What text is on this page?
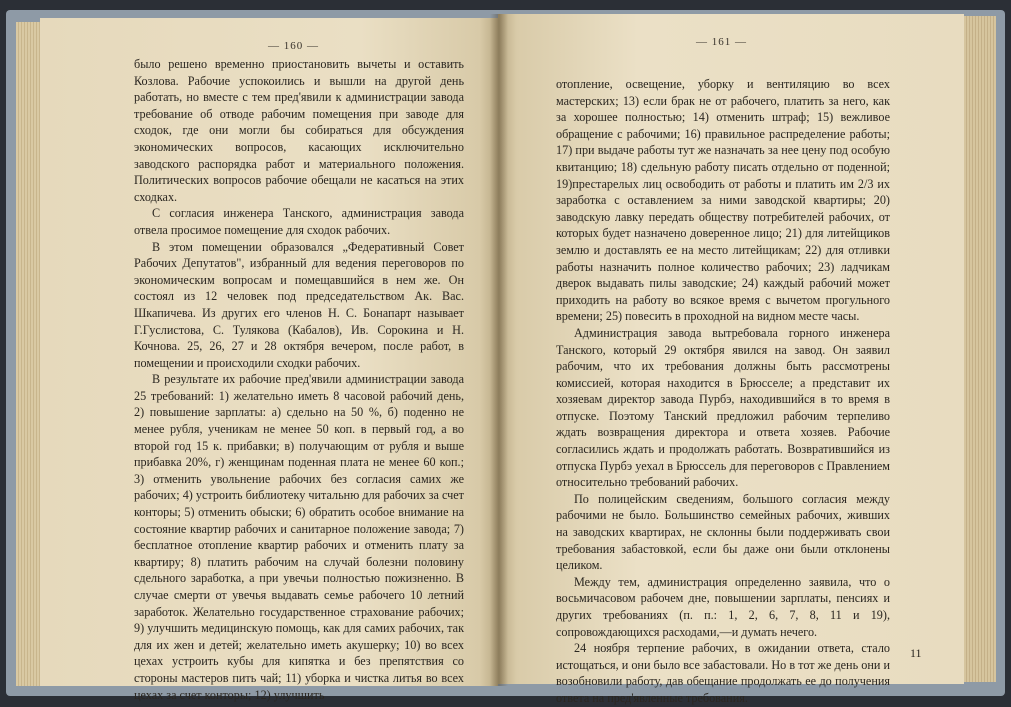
— 160 —

было решено временно приостановить вычеты и оставить Козлова. Рабочие успокоились и вышли на другой день работать, но вместе с тем пред'явили к администрации завода требование об отводе рабочим помещения при заводе для сходок, где они могли бы собираться для обсуждения экономических вопросов, касающих исключительно заводского распорядка работ и материального положения. Политических вопросов рабочие обещали не касаться на этих сходках.

С согласия инженера Танского, администрация завода отвела просимое помещение для сходок рабочих.

В этом помещении образовался „Федеративный Совет Рабочих Депутатов", избранный для ведения переговоров по экономическим вопросам и помещавшийся в нем же. Он состоял из 12 человек под председательством Ак. Вас. Шкапичева. Из других его членов Н. С. Бонапарт называет Г.Гуслистова, С. Тулякова (Кабалов), Ив. Сорокина и Н. Кочнова. 25, 26, 27 и 28 октября вечером, после работ, в помещении и происходили сходки рабочих.

В результате их рабочие пред'явили администрации завода 25 требований: 1) желательно иметь 8 часовой рабочий день, 2) повышение зарплаты: а) сдельно на 50 %, б) поденно не менее рубля, ученикам не менее 50 коп. в первый год, а во второй год 15 к. прибавки; в) получающим от рубля и выше прибавка 20%, г) женщинам поденная плата не менее 60 коп.; 3) отменить увольнение рабочих без согласия самих же рабочих; 4) устроить библиотеку читальню для рабочих за счет конторы; 5) отменить обыски; 6) обратить особое внимание на состояние квартир рабочих и санитарное положение завода; 7) бесплатное отопление квартир рабочих и отменить плату за квартиру; 8) платить рабочим на случай болезни половину сдельного заработка, а при увечьи полностью пожизненно. В случае смерти от увечья выдавать семье рабочего 10 летний заработок. Желательно государственное страхование рабочих; 9) улучшить медицинскую помощь, как для самих рабочих, так для их жен и детей; желательно иметь акушерку; 10) во всех цехах устроить кубы для кипятка и без препятствия со стороны мастеров пить чай; 11) уборка и чистка литья во всех цехах за счет конторы; 12) улучшить

— 161 —

отопление, освещение, уборку и вентиляцию во всех мастерских; 13) если брак не от рабочего, платить за него, как за хорошее полностью; 14) отменить штраф; 15) вежливое обращение с рабочими; 16) правильное распределение работы; 17) при выдаче работы тут же назначать за нее цену под особую квитанцию; 18) сдельную работу писать отдельно от поденной; 19)престарелых лиц освободить от работы и платить им 2/3 их заработка с оставлением за ними заводской квартиры; 20) заводскую лавку передать обществу потребителей рабочих, от которых будет назначено доверенное лицо; 21) для литейщиков землю и доставлять ее на место литейщикам; 22) для отливки работы назначить полное количество рабочих; 23) ладчикам дверок выдавать пилы заводские; 24) каждый рабочий может приходить на работу во всякое время с вычетом прогульного времени; 25) повесить в проходной на видном месте часы.

Администрация завода вытребовала горного инженера Танского, который 29 октября явился на завод. Он заявил рабочим, что их требования должны быть рассмотрены комиссией, которая находится в Брюсселе; а представит их хозяевам директор завода Пурбэ, находившийся в то время в отпуске. Поэтому Танский предложил рабочим терпеливо ждать возвращения директора и ответа хозяев. Рабочие согласились ждать и продолжать работать. Возвратившийся из отпуска Пурбэ уехал в Брюссель для переговоров с Правлением относительно требований рабочих.

По полицейским сведениям, большого согласия между рабочими не было. Большинство семейных рабочих, живших на заводских квартирах, не склонны были поддерживать свои требования забастовкой, если бы даже они были отклонены целиком.

Между тем, администрация определенно заявила, что о восьмичасовом рабочем дне, повышении зарплаты, пенсиях и других требованиях (п. п.: 1, 2, 6, 7, 8, 11 и 19), сопровождающихся расходами,—и думать нечего.

24 ноября терпение рабочих, в ожидании ответа, стало истощаться, и они было все забастовали. Но в тот же день они и возобновили работу, дав обещание продолжать ее до получения ответа на пред'явленные требования.

11
